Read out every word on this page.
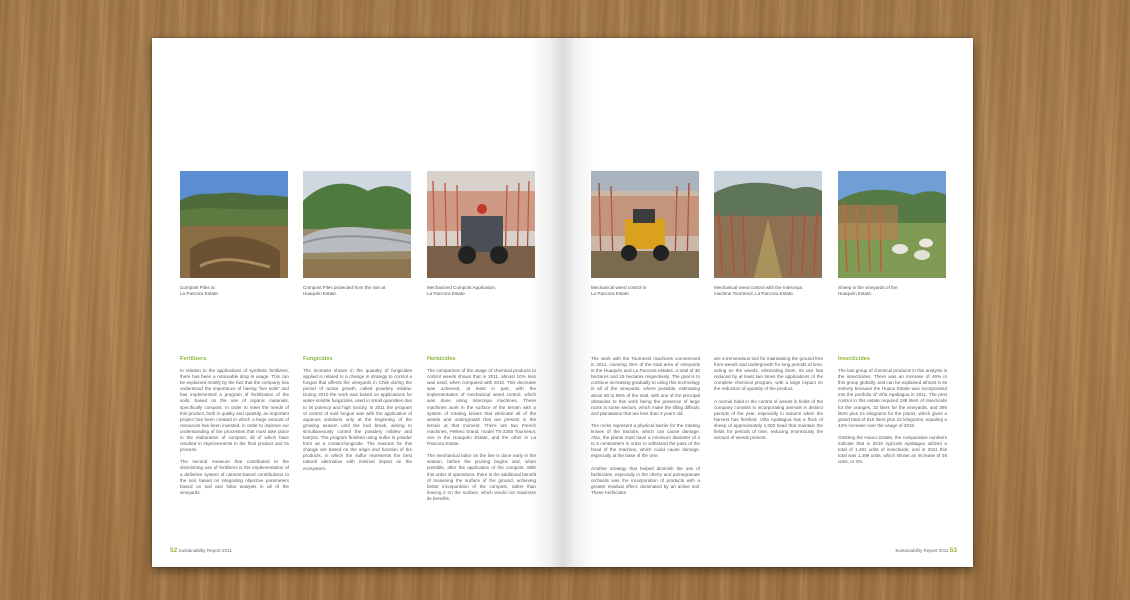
Compost Piles at
La Pancora Estate.
Compost Piles protected from the rain at
Huaquén Estate.
Mechanized Compost Application,
La Pancora Estate.
Fertilizers

In relation to the applications of synthetic fertilizers, there has been a noticeable drop in usage. This can be explained mostly by the fact that the company has understood the importance of having "live soils" and has implemented a program of fertilization of the soils, based on the use of organic materials, specifically compost. In order to meet the needs of this product, both in quality and quantity, an important project has been created in which a large amount of resources has been invested, in order to improve our understanding of the processes that must take place in the elaboration of compost, all of which have resulted in improvements in the final product and its process.

The second measure that contributed to the diminishing use of fertilizers is the implementation of a definitive system of nutrient-based contributions to the soil, based on integrating objective parameters based on soil and foliar analysis in all of the vineyards.

Fungicides

The increase shown in the quantity of fungicides applied is related to a change in strategy to control a fungus that affects the vineyards in Chile during the period of active growth, called powdery mildew. During 2010 the work was based on applications for water-soluble fungicides, used in small quantities due to its potency and high toxicity. In 2011 the program of control of said fungus was with the application of aqueous solutions only at the beginning of the growing season until the bud break, aiming to simultaneously control the powdery mildew and botrytis. The program finished using sulfur in powder form as a contact-fungicide. The reasons for this change are based on the origin and function of the products, in which the sulfur represents the best natural alternative with minimal impact on the ecosystem.

Herbicides

The comparison of the usage of chemical products to control weeds shows that in 2011, almost 10% less was used, when compared with 2010. This decrease was achieved, at least in part, with the implementation of mechanical weed control, which was done using Intercepa machines. These machines work in the surface of the terrain with a system of rotating knives that eliminate all of the weeds and undergrowth that are present in the terrain at that moment. There are two French machines, Pellenc brand, model TS-2250 Tournesol, one in the Huaquén Estate, and the other in La Pancora Estate.

The mechanical labor on the line is done early in the season, before the pruning begins and, when possible, after the application of the compost. With this order of operations, there is the additional benefit of loosening the surface of the ground, achieving better incorporation of the compost, rather than leaving it on the surface, which would not maximize its benefits.

52 Sustainability Report 2011
Mechanical weed control in
La Pancora Estate.
Mechanical weed control with the Intercepa
machine Tournesol, La Pancora Estate.
Sheep in the vineyards of the
Huaquén Estate.

The work with the Tournesol machines commenced in 2011, covering 25% of the total area of vineyards in the Huaquén and La Pancora estates, a total of 30 hectares and 15 hectares respectively. The goal is to continue increasing gradually to using this technology in all of the vineyards, where possible, estimating about 90 to 95% of the total, with one of the principal obstacles to this work being the presence of large rocks in some sectors, which make the tilling difficult, and plantations that are less than 3 years old.

The rocks represent a physical barrier for the rotating knives of the tractors, which can cause damage. Also, the plants must have a minimum diameter of 4 to 5 centimeters in order to withstand the pass of the head of the machine, which could cause damage, especially at the base of the vine.

Another strategy that helped diminish the use of herbicides, especially in the cherry and pomegranate orchards was the incorporation of products with a greater residual effect, dominated by an active soil. These herbicides

are a tremendous tool for maintaining the ground free from weeds and undergrowth for long periods of time, acting on the weeds, eliminating them. Its use has reduced by at least two times the applications of the complete chemical program, with a large impact on the reduction of quantity of the product.

A normal habit in the control of weeds in fields of the company consists in incorporating animals in distinct periods of the year, especially in autumn when the harvest has finished. Viña Apaltagua has a flock of sheep of approximately 1,000 head that maintain the fields for periods of time, reducing enormously the amount of weeds present.

Insecticides

The last group of chemical products in this analysis is the insecticides. There was an increase of 46% in this group globally, and can be explained almost in its entirety because the Huaco Estate was incorporated into the portfolio of Viña Apaltagua in 2011. The pest control in this estate required 188 liters of insecticide for the oranges, 32 liters for the vineyards, and 390 liters plus 24 kilograms for the plums, which gives a grand total of 610 liters plus 24 kilograms, equaling a 43% increase over the usage of 2010.

Omitting the Huaco Estate, the comparative numbers indicate that in 2010 Agrícola Apaltagua utilized a total of 1,461 units of insecticide, and in 2011 this total was 1,499 units, which shows an increase of 38 units, or 3%.

Sustainability Report 2011 53
